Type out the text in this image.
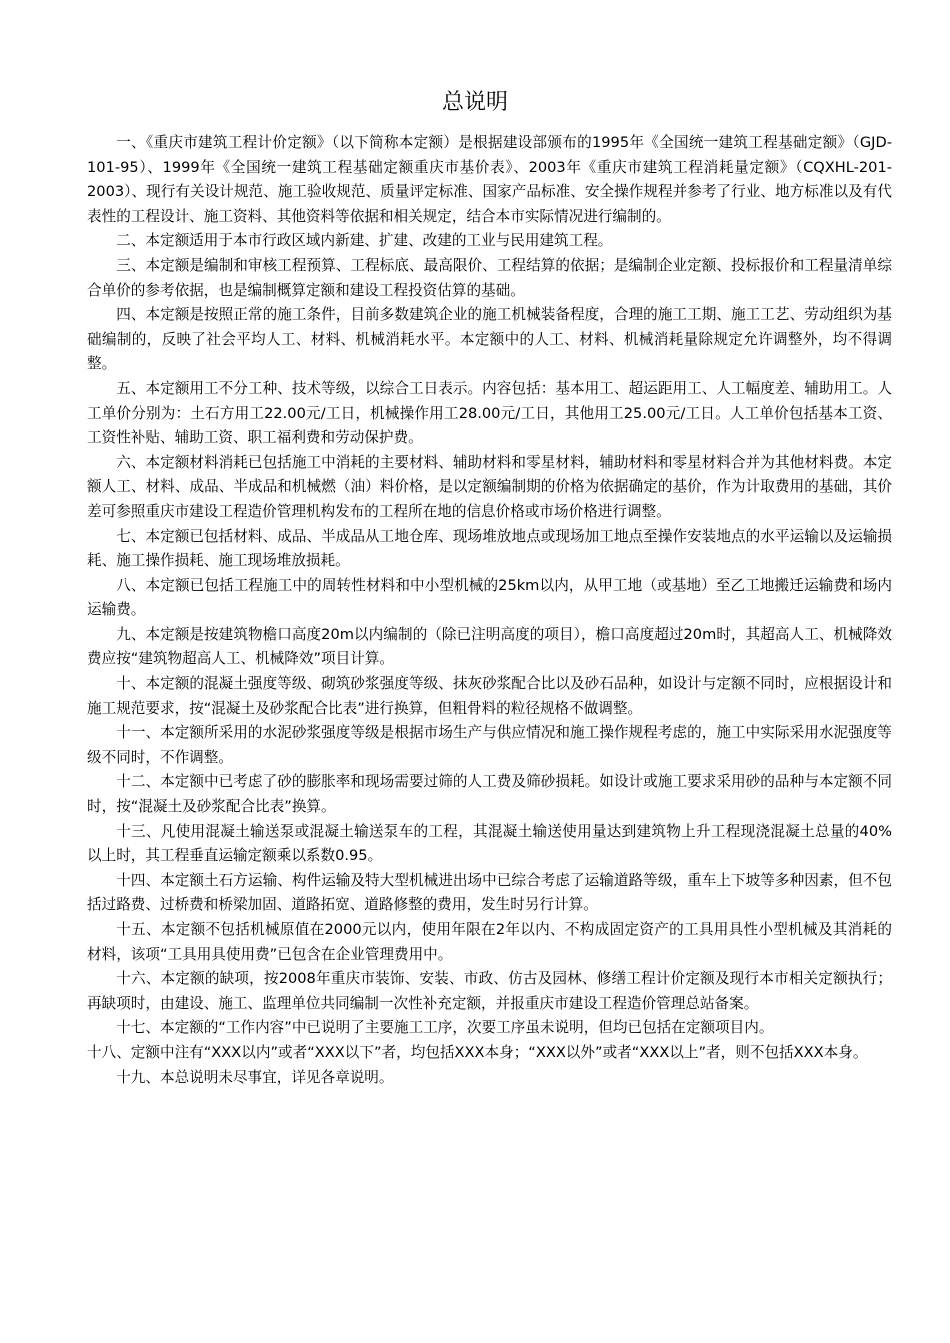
总说明

一、《重庆市建筑工程计价定额》（以下简称本定额）是根据建设部颁布的1995年《全国统一建筑工程基础定额》（GJD-101-95）、1999年《全国统一建筑工程基础定额重庆市基价表》、2003年《重庆市建筑工程消耗量定额》（CQXHL-201-2003）、现行有关设计规范、施工验收规范、质量评定标准、国家产品标准、安全操作规程并参考了行业、地方标准以及有代表性的工程设计、施工资料、其他资料等依据和相关规定，结合本市实际情况进行编制的。

二、本定额适用于本市行政区域内新建、扩建、改建的工业与民用建筑工程。

三、本定额是编制和审核工程预算、工程标底、最高限价、工程结算的依据；是编制企业定额、投标报价和工程量清单综合单价的参考依据，也是编制概算定额和建设工程投资估算的基础。

四、本定额是按照正常的施工条件，目前多数建筑企业的施工机械装备程度，合理的施工工期、施工工艺、劳动组织为基础编制的，反映了社会平均人工、材料、机械消耗水平。本定额中的人工、材料、机械消耗量除规定允许调整外，均不得调整。

五、本定额用工不分工种、技术等级，以综合工日表示。内容包括：基本用工、超运距用工、人工幅度差、辅助用工。人工单价分别为：土石方用工22.00元/工日，机械操作用工28.00元/工日，其他用工25.00元/工日。人工单价包括基本工资、工资性补贴、辅助工资、职工福利费和劳动保护费。

六、本定额材料消耗已包括施工中消耗的主要材料、辅助材料和零星材料，辅助材料和零星材料合并为其他材料费。本定额人工、材料、成品、半成品和机械燃（油）料价格，是以定额编制期的价格为依据确定的基价，作为计取费用的基础，其价差可参照重庆市建设工程造价管理机构发布的工程所在地的信息价格或市场价格进行调整。

七、本定额已包括材料、成品、半成品从工地仓库、现场堆放地点或现场加工地点至操作安装地点的水平运输以及运输损耗、施工操作损耗、施工现场堆放损耗。

八、本定额已包括工程施工中的周转性材料和中小型机械的25km以内，从甲工地（或基地）至乙工地搬迁运输费和场内运输费。

九、本定额是按建筑物檐口高度20m以内编制的（除已注明高度的项目），檐口高度超过20m时，其超高人工、机械降效费应按“建筑物超高人工、机械降效”项目计算。

十、本定额的混凝土强度等级、砌筑砂浆强度等级、抹灰砂浆配合比以及砂石品种，如设计与定额不同时，应根据设计和施工规范要求，按“混凝土及砂浆配合比表”进行换算，但粗骨料的粒径规格不做调整。

十一、本定额所采用的水泥砂浆强度等级是根据市场生产与供应情况和施工操作规程考虑的，施工中实际采用水泥强度等级不同时，不作调整。

十二、本定额中已考虑了砂的膨胀率和现场需要过筛的人工费及筛砂损耗。如设计或施工要求采用砂的品种与本定额不同时，按“混凝土及砂浆配合比表”换算。

十三、凡使用混凝土输送泵或混凝土输送泵车的工程，其混凝土输送使用量达到建筑物上升工程现浇混凝土总量的40%以上时，其工程垂直运输定额乘以系数0.95。

十四、本定额土石方运输、构件运输及特大型机械进出场中已综合考虑了运输道路等级，重车上下坡等多种因素，但不包括过路费、过桥费和桥梁加固、道路拓宽、道路修整的费用，发生时另行计算。

十五、本定额不包括机械原值在2000元以内，使用年限在2年以内、不构成固定资产的工具用具性小型机械及其消耗的材料，该项“工具用具使用费”已包含在企业管理费用中。

十六、本定额的缺项，按2008年重庆市装饰、安装、市政、仿古及园林、修缮工程计价定额及现行本市相关定额执行；再缺项时，由建设、施工、监理单位共同编制一次性补充定额，并报重庆市建设工程造价管理总站备案。

十七、本定额的“工作内容”中已说明了主要施工工序，次要工序虽未说明，但均已包括在定额项目内。

十八、定额中注有“XXX以内”或者“XXX以下”者，均包括XXX本身；“XXX以外”或者“XXX以上”者，则不包括XXX本身。

十九、本总说明未尽事宜，详见各章说明。
